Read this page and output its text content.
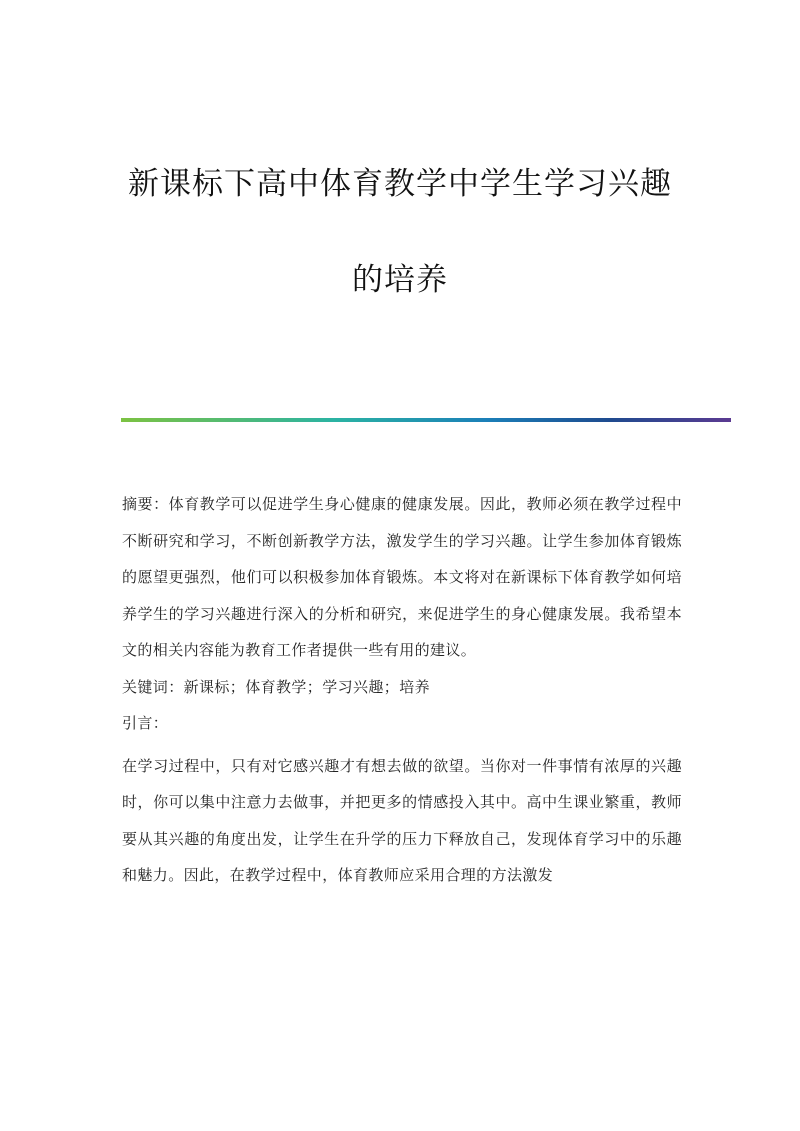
新课标下高中体育教学中学生学习兴趣
的培养

摘要：体育教学可以促进学生身心健康的健康发展。因此，教师必须在教学过程中不断研究和学习，不断创新教学方法，激发学生的学习兴趣。让学生参加体育锻炼的愿望更强烈，他们可以积极参加体育锻炼。本文将对在新课标下体育教学如何培养学生的学习兴趣进行深入的分析和研究，来促进学生的身心健康发展。我希望本文的相关内容能为教育工作者提供一些有用的建议。

关键词：新课标；体育教学；学习兴趣；培养

引言：

在学习过程中，只有对它感兴趣才有想去做的欲望。当你对一件事情有浓厚的兴趣时，你可以集中注意力去做事，并把更多的情感投入其中。高中生课业繁重，教师要从其兴趣的角度出发，让学生在升学的压力下释放自己，发现体育学习中的乐趣和魅力。因此，在教学过程中，体育教师应采用合理的方法激发
